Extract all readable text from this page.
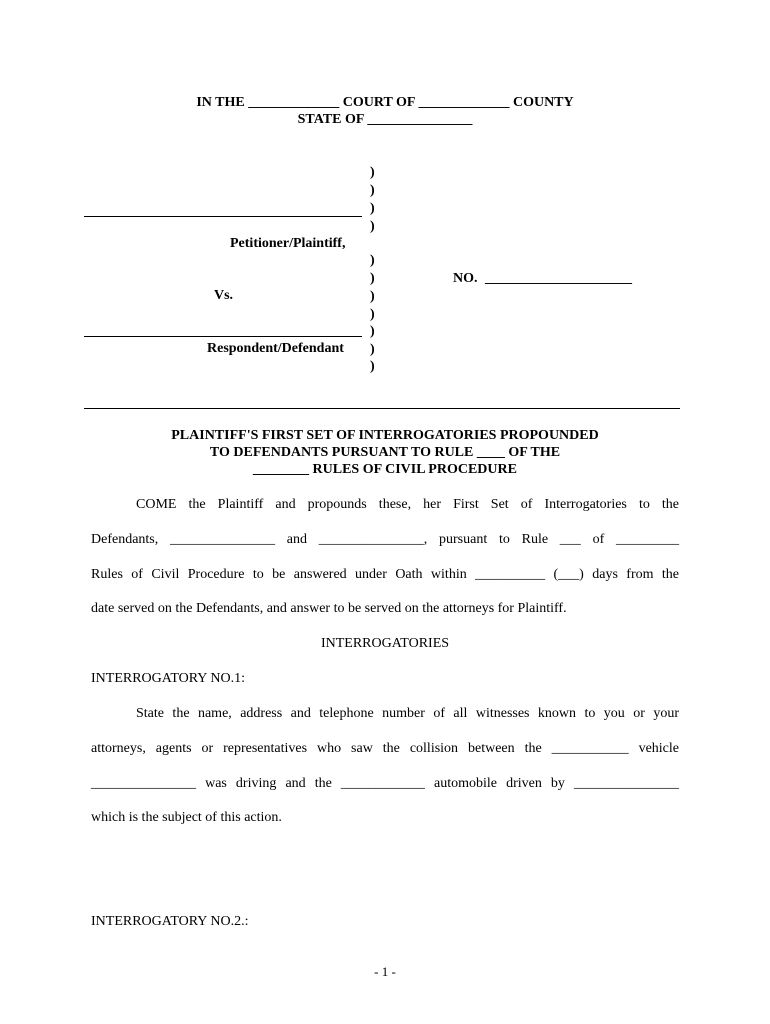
IN THE _____________ COURT OF _____________ COUNTY
STATE OF _______________
)
)
)
)
)
)
)
)
)
)
)
Petitioner/Plaintiff,
Vs.
Respondent/Defendant
NO. _____________________
PLAINTIFF'S FIRST SET OF INTERROGATORIES PROPOUNDED
TO DEFENDANTS PURSUANT TO RULE ____ OF THE
________ RULES OF CIVIL PROCEDURE
COME the Plaintiff and propounds these, her First Set of Interrogatories to the
Defendants, _______________ and _______________, pursuant to Rule ___ of _________
Rules of Civil Procedure to be answered under Oath within __________ (___) days from the
date served on the Defendants, and answer to be served on the attorneys for Plaintiff.
INTERROGATORIES
INTERROGATORY NO.1:
State the name, address and telephone number of all witnesses known to you or your
attorneys, agents or representatives who saw the collision between the ___________ vehicle
_______________ was driving and the ____________ automobile driven by _______________
which is the subject of this action.
INTERROGATORY NO.2.:
- 1 -
